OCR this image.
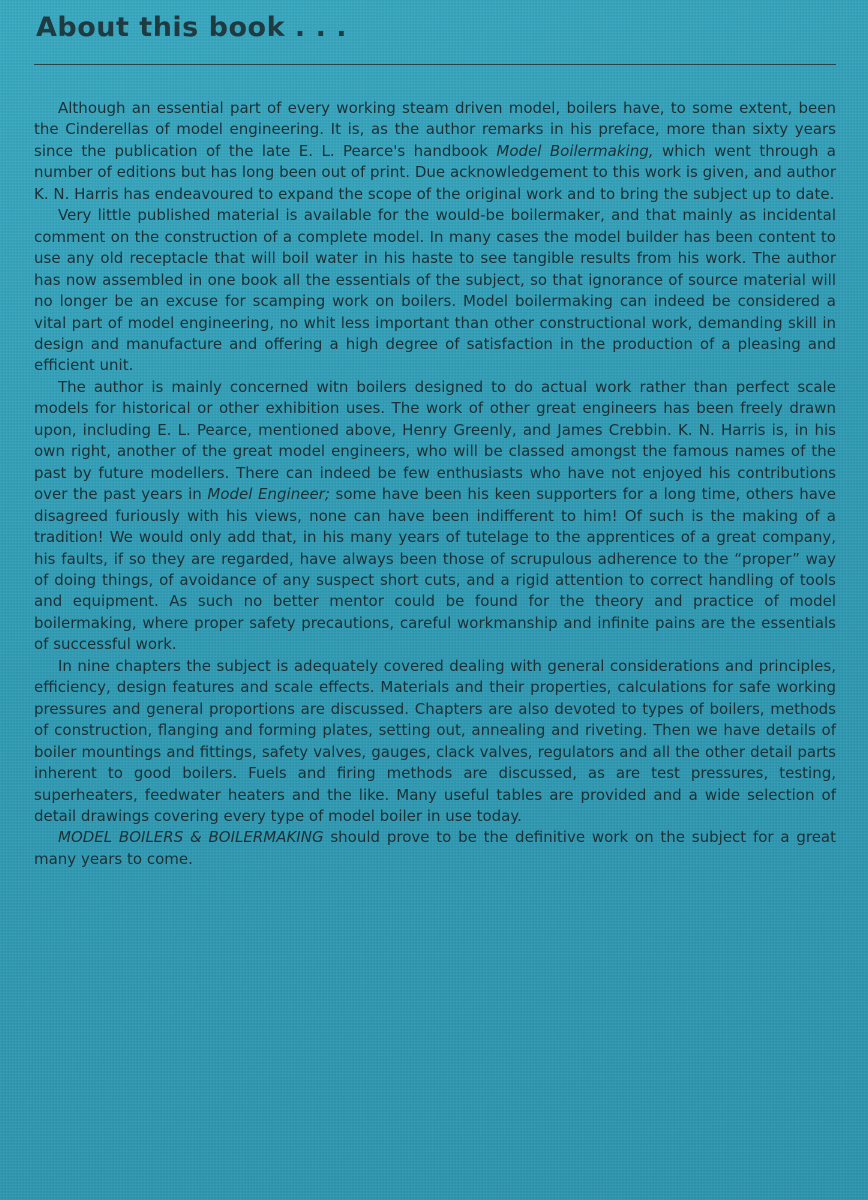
About this book . . .

Although an essential part of every working steam driven model, boilers have, to some extent, been the Cinderellas of model engineering. It is, as the author remarks in his preface, more than sixty years since the publication of the late E. L. Pearce's handbook Model Boilermaking, which went through a number of editions but has long been out of print. Due acknowledgement to this work is given, and author K. N. Harris has endeavoured to expand the scope of the original work and to bring the subject up to date.

Very little published material is available for the would-be boilermaker, and that mainly as incidental comment on the construction of a complete model. In many cases the model builder has been content to use any old receptacle that will boil water in his haste to see tangible results from his work. The author has now assembled in one book all the essentials of the subject, so that ignorance of source material will no longer be an excuse for scamping work on boilers. Model boilermaking can indeed be considered a vital part of model engineering, no whit less important than other constructional work, demanding skill in design and manufacture and offering a high degree of satisfaction in the production of a pleasing and efficient unit.

The author is mainly concerned witn boilers designed to do actual work rather than perfect scale models for historical or other exhibition uses. The work of other great engineers has been freely drawn upon, including E. L. Pearce, mentioned above, Henry Greenly, and James Crebbin. K. N. Harris is, in his own right, another of the great model engineers, who will be classed amongst the famous names of the past by future modellers. There can indeed be few enthusiasts who have not enjoyed his contributions over the past years in Model Engineer; some have been his keen supporters for a long time, others have disagreed furiously with his views, none can have been indifferent to him! Of such is the making of a tradition! We would only add that, in his many years of tutelage to the apprentices of a great company, his faults, if so they are regarded, have always been those of scrupulous adherence to the “proper” way of doing things, of avoidance of any suspect short cuts, and a rigid attention to correct handling of tools and equipment. As such no better mentor could be found for the theory and practice of model boilermaking, where proper safety precautions, careful workmanship and infinite pains are the essentials of successful work.

In nine chapters the subject is adequately covered dealing with general considerations and principles, efficiency, design features and scale effects. Materials and their properties, calculations for safe working pressures and general proportions are discussed. Chapters are also devoted to types of boilers, methods of construction, flanging and forming plates, setting out, annealing and riveting. Then we have details of boiler mountings and fittings, safety valves, gauges, clack valves, regulators and all the other detail parts inherent to good boilers. Fuels and firing methods are discussed, as are test pressures, testing, superheaters, feedwater heaters and the like. Many useful tables are provided and a wide selection of detail drawings covering every type of model boiler in use today.

MODEL BOILERS & BOILERMAKING should prove to be the definitive work on the subject for a great many years to come.
